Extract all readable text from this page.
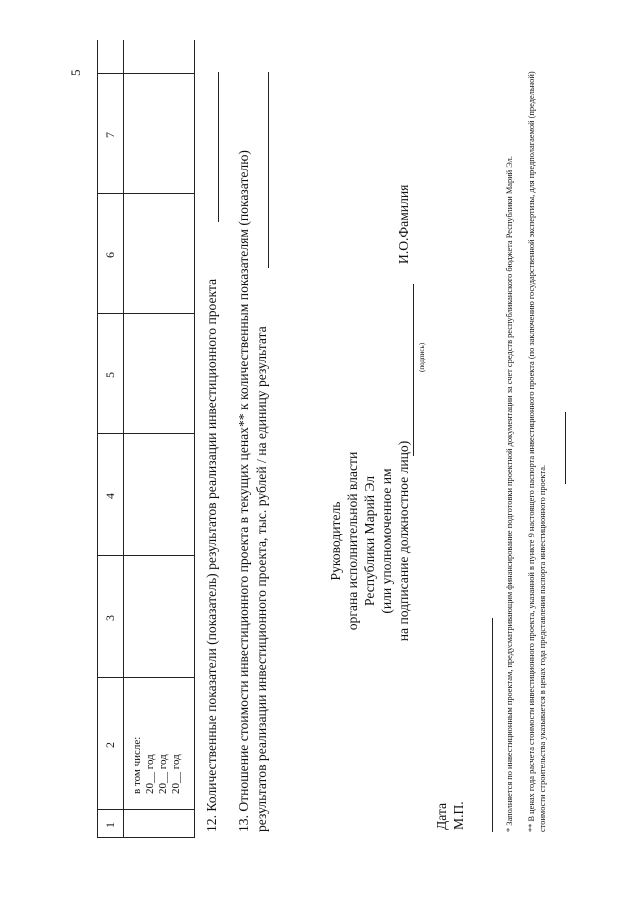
5
1
2
3
4
5
6
7
в том числе: 20__ год 20__ год 20__ год 12. Количественные показатели (показатель) результатов реализации инвестиционного проекта 13. Отношение стоимости инвестиционного проекта в текущих ценах** к количественным показателям (показателю) результатов реализации инвестиционного проекта, тыс. рублей / на единицу результата	Руководитель органа исполнительной власти Республики Марий Эл (или уполномоченное им на подписание должностное лицо)
(подпись)
И.О.Фамилия
Дата М.П.	* Заполняется по инвестиционным проектам, предусматривающим финансирование подготовки проектной документации за счет средств республиканского бюджета Республики Марий Эл. ** В ценах года расчета стоимости инвестиционного проекта, указанной в пункте 9 настоящего паспорта инвестиционного проекта (по заключению государственной экспертизы, для предполагаемой (предельной) стоимости строительства указывается в ценах года представления паспорта инвестиционного проекта.
